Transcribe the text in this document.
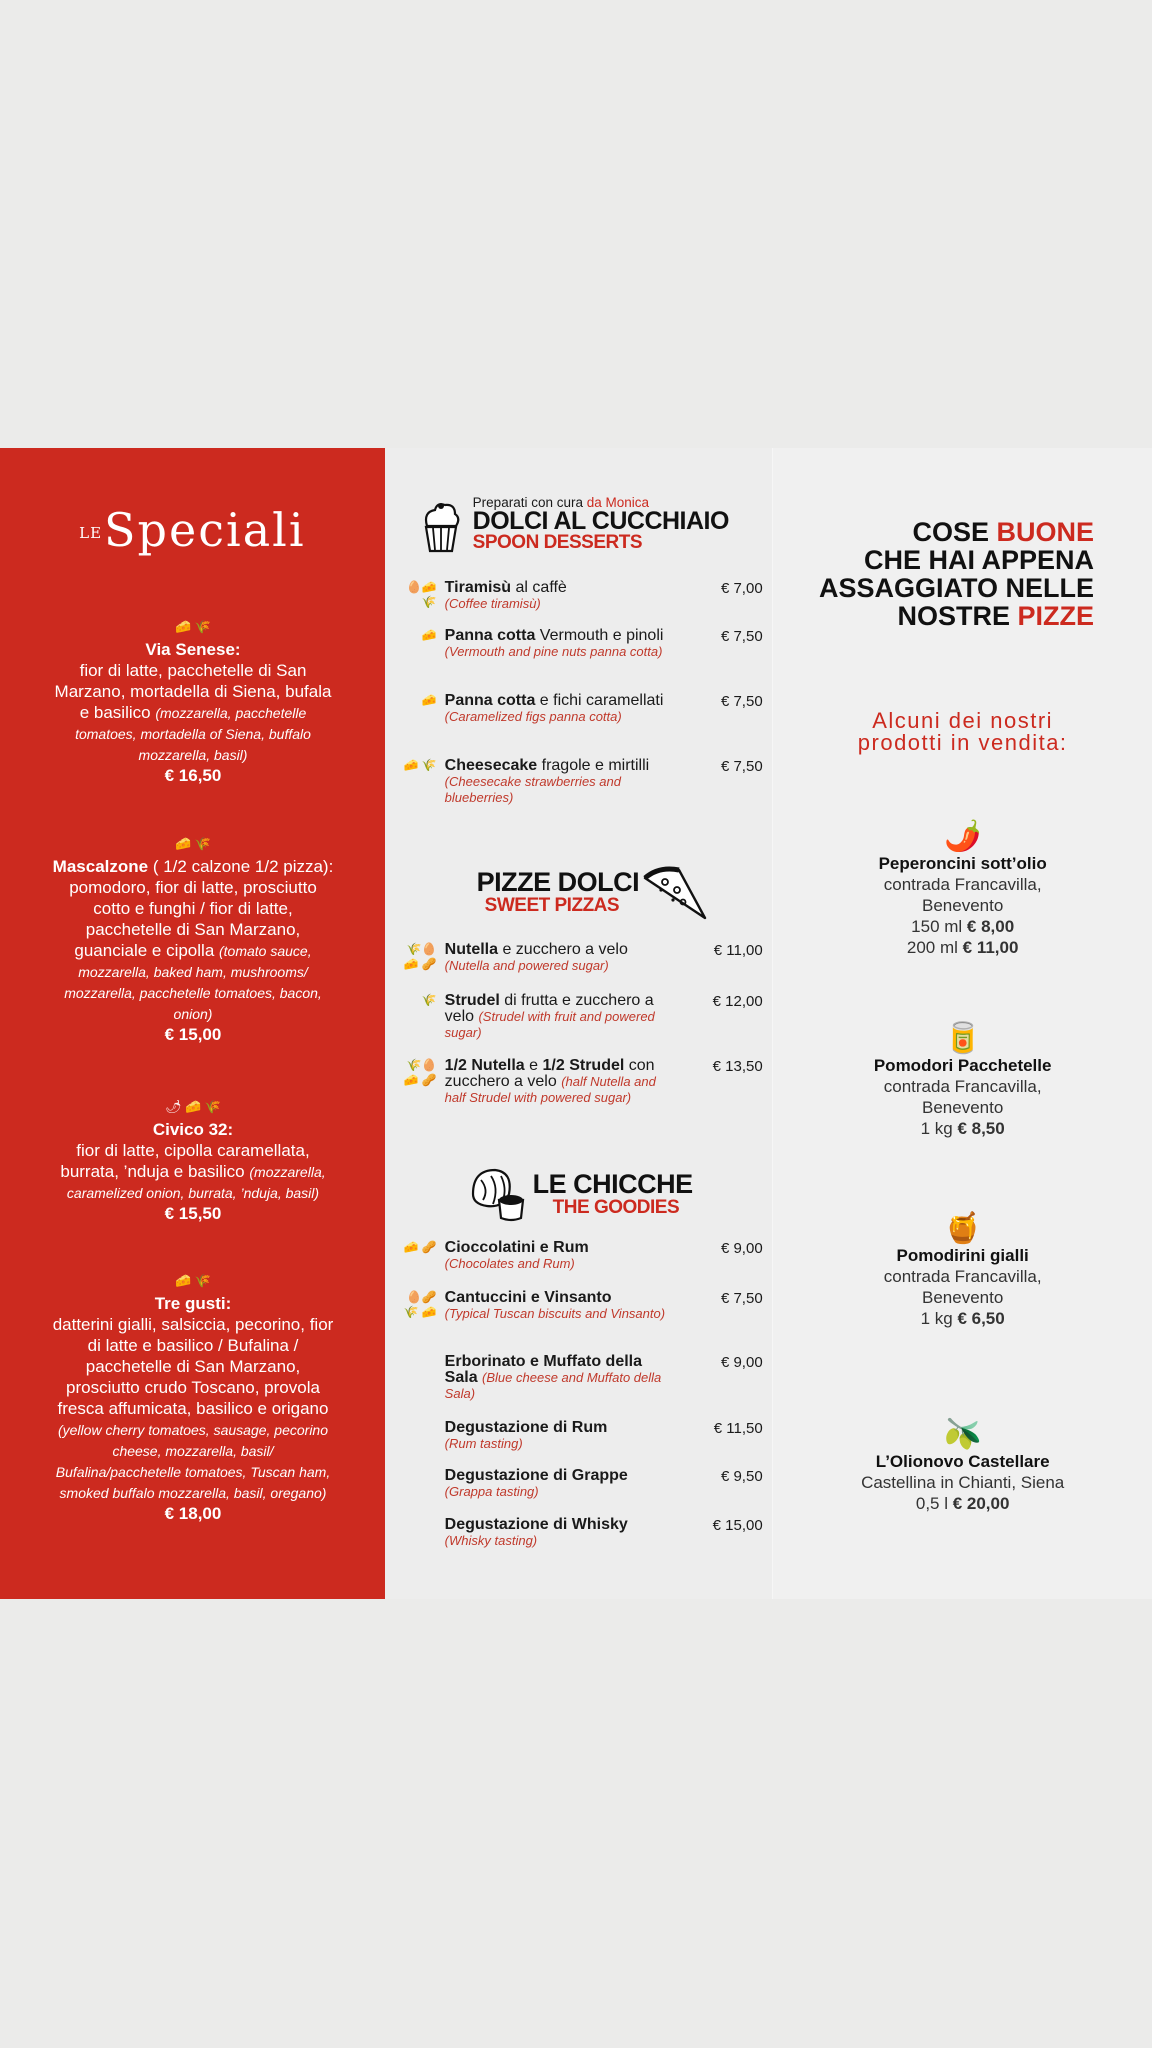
LESpeciali
🧀 🌾
Via Senese:
fior di latte, pacchetelle di San Marzano, mortadella di Siena, bufala e basilico (mozzarella, pacchetelle tomatoes, mortadella of Siena, buffalo mozzarella, basil)
€ 16,50
🧀 🌾
Mascalzone ( 1/2 calzone 1/2 pizza): pomodoro, fior di latte, prosciutto cotto e funghi / fior di latte, pacchetelle di San Marzano, guanciale e cipolla (tomato sauce, mozzarella, baked ham, mushrooms/ mozzarella, pacchetelle tomatoes, bacon, onion)
€ 15,00
🌶 🧀 🌾
Civico 32:
fior di latte, cipolla caramellata, burrata, ’nduja e basilico (mozzarella, caramelized onion, burrata, ’nduja, basil)
€ 15,50
🧀 🌾
Tre gusti:
datterini gialli, salsiccia, pecorino, fior di latte e basilico / Bufalina / pacchetelle di San Marzano, prosciutto crudo Toscano, provola fresca affumicata, basilico e origano (yellow cherry tomatoes, sausage, pecorino cheese, mozzarella, basil/ Bufalina/pacchetelle tomatoes, Tuscan ham, smoked buffalo mozzarella, basil, oregano)
€ 18,00
Preparati con cura da Monica
DOLCI AL CUCCHIAIO
SPOON DESSERTS
🥚🧀 🌾
Tiramisù al caffè
(Coffee tiramisù)
€ 7,00
🧀 Panna cotta Vermouth e pinoli (Vermouth and pine nuts panna cotta)
€ 7,50
🧀 Panna cotta e fichi caramellati (Caramelized figs panna cotta)
€ 7,50
🧀 🌾 Cheesecake fragole e mirtilli (Cheesecake strawberries and blueberries)
€ 7,50
PIZZE DOLCI
SWEET PIZZAS
🌾🥚🧀 🥜
Nutella e zucchero a velo (Nutella and powered sugar)
€ 11,00
🌾 Strudel di frutta e zucchero a velo (Strudel with fruit and powered sugar)
€ 12,00
🌾🥚🧀 🥜
1/2 Nutella e 1/2 Strudel con zucchero a velo (half Nutella and half Strudel with powered sugar)
€ 13,50
LE CHICCHE
THE GOODIES
🧀 🥜 Cioccolatini e Rum
(Chocolates and Rum)
€ 9,00
🥚🥜 🌾 🧀
Cantuccini e Vinsanto
(Typical Tuscan biscuits and Vinsanto)
€ 7,50
Erborinato e Muffato della Sala (Blue cheese and Muffato della Sala)
€ 9,00
Degustazione di Rum
(Rum tasting)
€ 11,50
Degustazione di Grappe
(Grappa tasting)
€ 9,50
Degustazione di Whisky
(Whisky tasting)
€ 15,00
COSE BUONE
CHE HAI APPENA
ASSAGGIATO NELLE
NOSTRE PIZZE
Alcuni dei nostri
prodotti in vendita:
🌶️
Peperoncini sott’olio
contrada Francavilla,
Benevento
150 ml € 8,00
200 ml € 11,00
🥫
Pomodori Pacchetelle
contrada Francavilla,
Benevento
1 kg € 8,50
🍯
Pomodirini gialli
contrada Francavilla,
Benevento
1 kg € 6,50
🫒
L’Olionovo Castellare
Castellina in Chianti, Siena
0,5 l € 20,00
